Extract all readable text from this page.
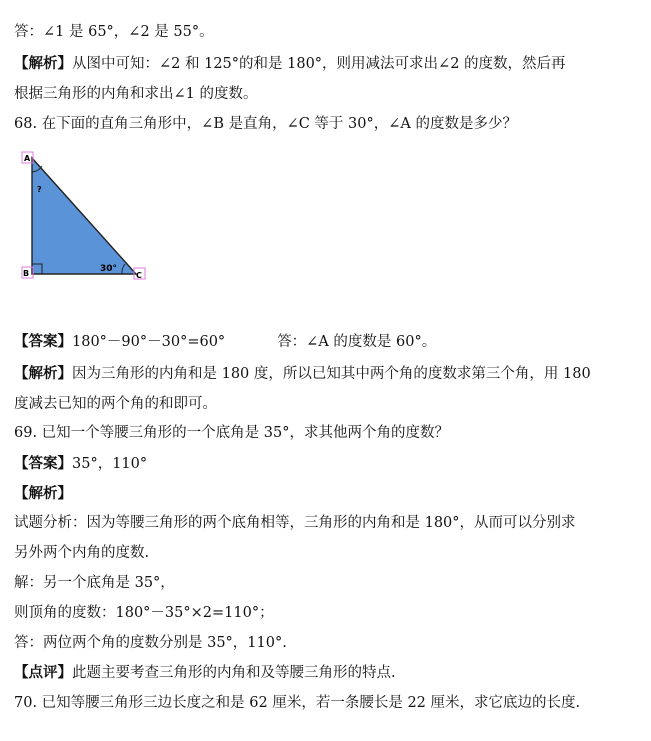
答：∠1 是 65°，∠2 是 55°。
【解析】从图中可知：∠2 和 125°的和是 180°，则用减法可求出∠2 的度数，然后再
根据三角形的内角和求出∠1 的度数。
68. 在下面的直角三角形中，∠B 是直角，∠C 等于 30°，∠A 的度数是多少？
A
B	C
?
30°
【答案】180°－90°－30°=60°	答：∠A 的度数是 60°。
【解析】因为三角形的内角和是 180 度，所以已知其中两个角的度数求第三个角，用 180
度减去已知的两个角的和即可。
69. 已知一个等腰三角形的一个底角是 35°，求其他两个角的度数？
【答案】35°，110°
【解析】
试题分析：因为等腰三角形的两个底角相等，三角形的内角和是 180°，从而可以分别求
另外两个内角的度数.
解：另一个底角是 35°，
则顶角的度数：180°－35°×2=110°；
答：两位两个角的度数分别是 35°，110°.
【点评】此题主要考查三角形的内角和及等腰三角形的特点.
70. 已知等腰三角形三边长度之和是 62 厘米，若一条腰长是 22 厘米，求它底边的长度.
